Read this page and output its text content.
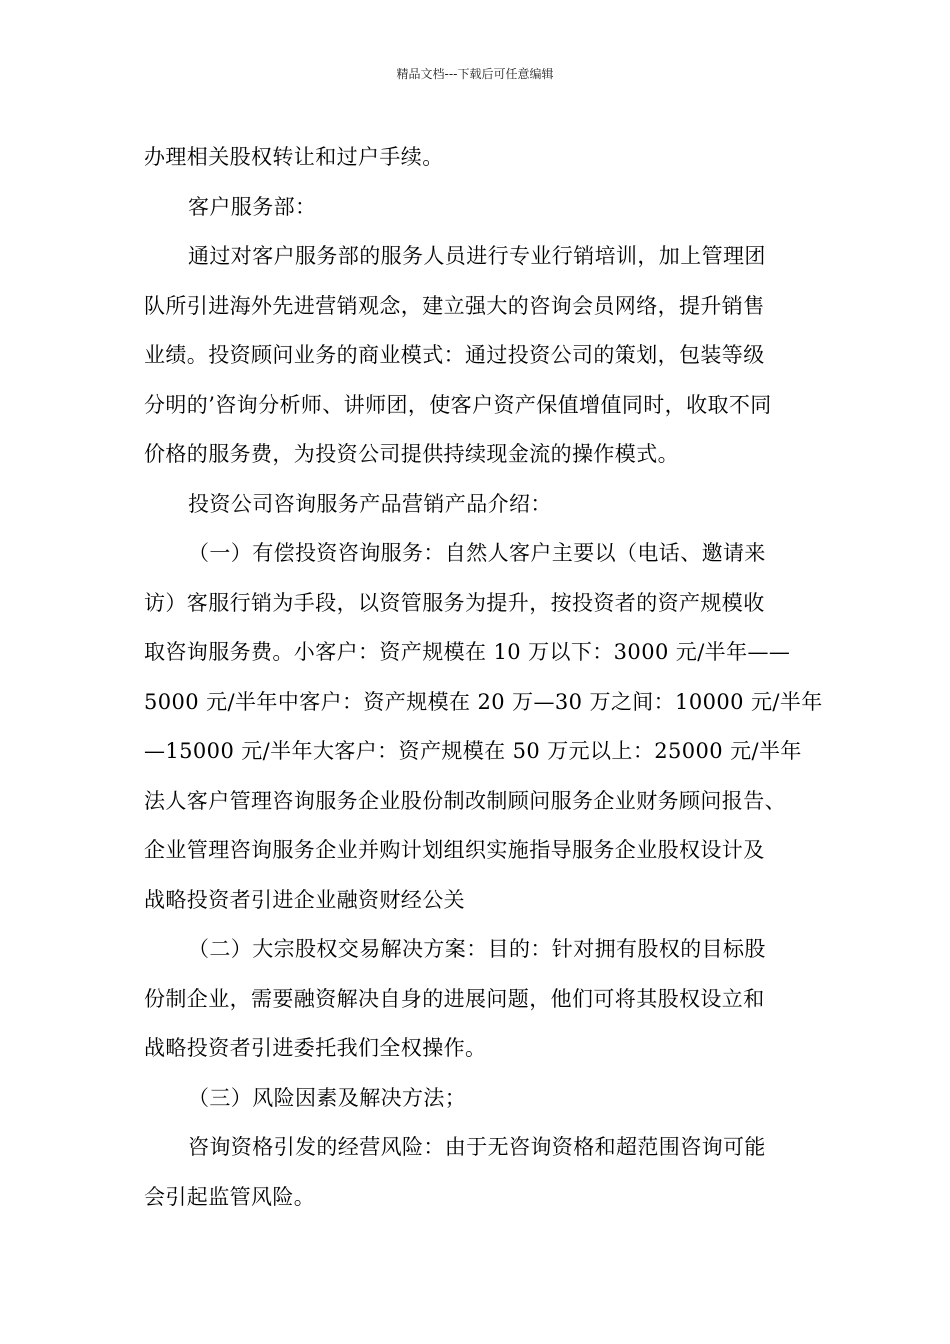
精品文档---下载后可任意编辑

办理相关股权转让和过户手续。

客户服务部：

通过对客户服务部的服务人员进行专业行销培训，加上管理团
队所引进海外先进营销观念，建立强大的咨询会员网络，提升销售
业绩。投资顾问业务的商业模式：通过投资公司的策划，包装等级
分明的’咨询分析师、讲师团，使客户资产保值增值同时，收取不同
价格的服务费，为投资公司提供持续现金流的操作模式。

投资公司咨询服务产品营销产品介绍：

（一）有偿投资咨询服务：自然人客户主要以（电话、邀请来
访）客服行销为手段，以资管服务为提升，按投资者的资产规模收
取咨询服务费。小客户：资产规模在 10 万以下：3000 元/半年——
5000 元/半年中客户：资产规模在 20 万—30 万之间：10000 元/半年
—15000 元/半年大客户：资产规模在 50 万元以上：25000 元/半年
法人客户管理咨询服务企业股份制改制顾问服务企业财务顾问报告、
企业管理咨询服务企业并购计划组织实施指导服务企业股权设计及
战略投资者引进企业融资财经公关

（二）大宗股权交易解决方案：目的：针对拥有股权的目标股
份制企业，需要融资解决自身的进展问题，他们可将其股权设立和
战略投资者引进委托我们全权操作。

（三）风险因素及解决方法；

咨询资格引发的经营风险：由于无咨询资格和超范围咨询可能
会引起监管风险。
